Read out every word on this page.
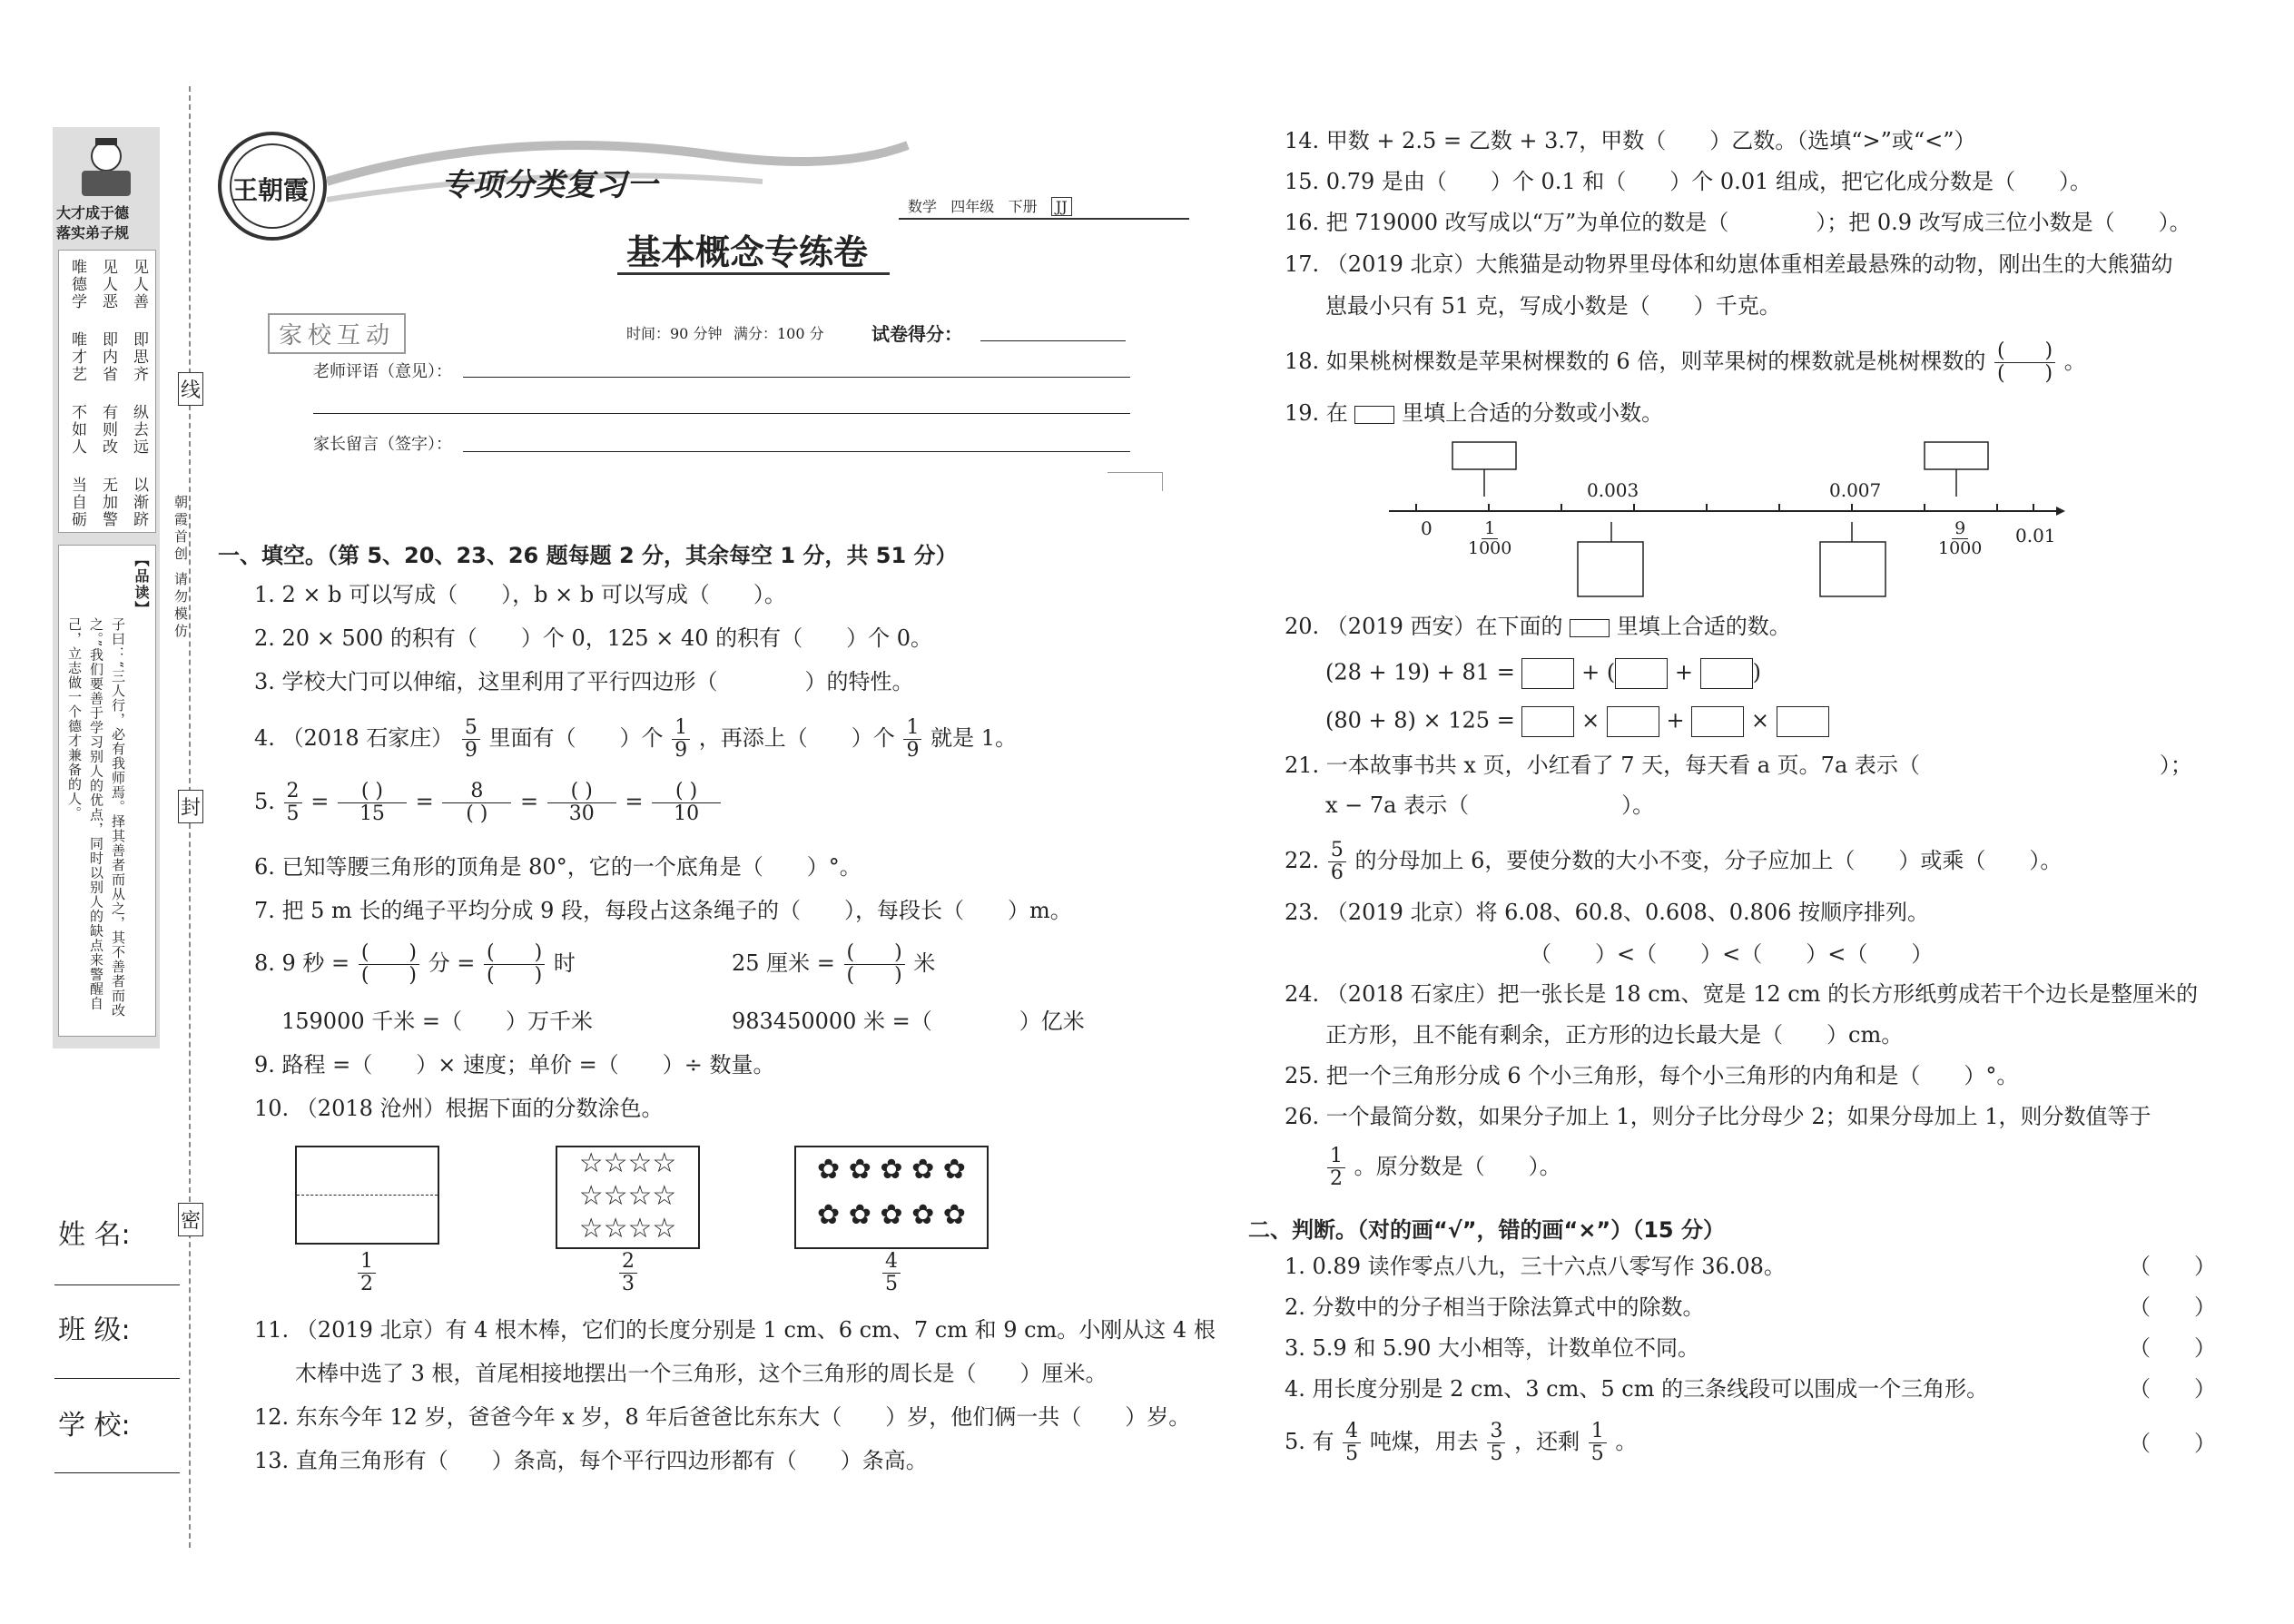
大才成于德
落实弟子规
见人善
即思齐
纵去远
以渐跻
见人恶
即内省
有则改
无加警
唯德学
唯才艺
不如人
当自砺
【品读】
子曰：“三人行，必有我师焉。择其善者而从之，其不善者而改之。”我们要善于学习别人的优点，同时以别人的缺点来警醒自己，立志做一个德才兼备的人。
线
封
密
朝霞首创 请勿模仿
姓 名:
班 级:
学 校:
王朝霞	专项分类复习一
数学 四年级 下册 JJ
基本概念专练卷
家校互动	时间：90 分钟 满分：100 分	试卷得分：
老师评语（意见）：
家长留言（签字）：
一、填空。（第 5、20、23、26 题每题 2 分，其余每空 1 分，共 51 分）
1. 2 × b 可以写成（　　），b × b 可以写成（　　）。
2. 20 × 500 的积有（　　）个 0，125 × 40 的积有（　　）个 0。
3. 学校大门可以伸缩，这里利用了平行四边形（　　　　）的特性。
4. （2018 石家庄） $\frac{5}{9}$ 里面有（　　）个 $\frac{1}{9}$ ，再添上（　　）个 $\frac{1}{9}$ 就是 1。
5. $\frac{2}{5} = \frac{( )}{15} = \frac{8}{( )} = \frac{( )}{30} = \frac{( )}{10}$
6. 已知等腰三角形的顶角是 80°，它的一个底角是（　　）°。
7. 把 5 m 长的绳子平均分成 9 段，每段占这条绳子的（　　），每段长（　　）m。
8. 9 秒 = $\frac{( )}{( )}$ 分 = $\frac{( )}{( )}$ 时	25 厘米 = $\frac{( )}{( )}$ 米
159000 千米 =（　　）万千米	983450000 米 =（　　　　）亿米
9. 路程 =（　　）× 速度；单价 =（　　）÷ 数量。
10. （2018 沧州）根据下面的分数涂色。
$\frac{1}{2}$
☆☆☆☆
☆☆☆☆
☆☆☆☆
$\frac{2}{3}$
✿ ✿ ✿ ✿ ✿
✿ ✿ ✿ ✿ ✿
$\frac{4}{5}$
11. （2019 北京）有 4 根木棒，它们的长度分别是 1 cm、6 cm、7 cm 和 9 cm。小刚从这 4 根
木棒中选了 3 根，首尾相接地摆出一个三角形，这个三角形的周长是（　　）厘米。
12. 东东今年 12 岁，爸爸今年 x 岁，8 年后爸爸比东东大（　　）岁，他们俩一共（　　）岁。
13. 直角三角形有（　　）条高，每个平行四边形都有（　　）条高。
14. 甲数 + 2.5 = 乙数 + 3.7，甲数（　　）乙数。（选填“>”或“<”）
15. 0.79 是由（　　）个 0.1 和（　　）个 0.01 组成，把它化成分数是（　　）。
16. 把 719000 改写成以“万”为单位的数是（　　　　）；把 0.9 改写成三位小数是（　　）。
17. （2019 北京）大熊猫是动物界里母体和幼崽体重相差最悬殊的动物，刚出生的大熊猫幼
崽最小只有 51 克，写成小数是（　　）千克。
18. 如果桃树棵数是苹果树棵数的 6 倍，则苹果树的棵数就是桃树棵数的 $\frac{( )}{( )}$ 。
19. 在 里填上合适的分数或小数。
0
0.003	0.007
0.01
$\frac{1}{1000}$	$\frac{9}{1000}$
20. （2019 西安）在下面的 里填上合适的数。
(28 + 19) + 81 =	+ ( + )
(80 + 8) × 125 =	×  +  ×
21. 一本故事书共 x 页，小红看了 7 天，每天看 a 页。7a 表示（　　　　　　　　　　　）；
x − 7a 表示（　　　　　　　）。
22. $\frac{5}{6}$ 的分母加上 6，要使分数的大小不变，分子应加上（　　）或乘（　　）。
23. （2019 北京）将 6.08、60.8、0.608、0.806 按顺序排列。
（　　）<（　　）<（　　）<（　　）
24. （2018 石家庄）把一张长是 18 cm、宽是 12 cm 的长方形纸剪成若干个边长是整厘米的
正方形，且不能有剩余，正方形的边长最大是（　　）cm。
25. 把一个三角形分成 6 个小三角形，每个小三角形的内角和是（　　）°。
26. 一个最简分数，如果分子加上 1，则分子比分母少 2；如果分母加上 1，则分数值等于
$\frac{1}{2}$ 。原分数是（　　）。
二、判断。（对的画“√”，错的画“×”）（15 分）
1. 0.89 读作零点八九，三十六点八零写作 36.08。	（　　）
2. 分数中的分子相当于除法算式中的除数。	（　　）
3. 5.9 和 5.90 大小相等，计数单位不同。	（　　）
4. 用长度分别是 2 cm、3 cm、5 cm 的三条线段可以围成一个三角形。	（　　）
5. 有 $\frac{4}{5}$ 吨煤，用去 $\frac{3}{5}$ ，还剩 $\frac{1}{5}$ 。	（　　）
